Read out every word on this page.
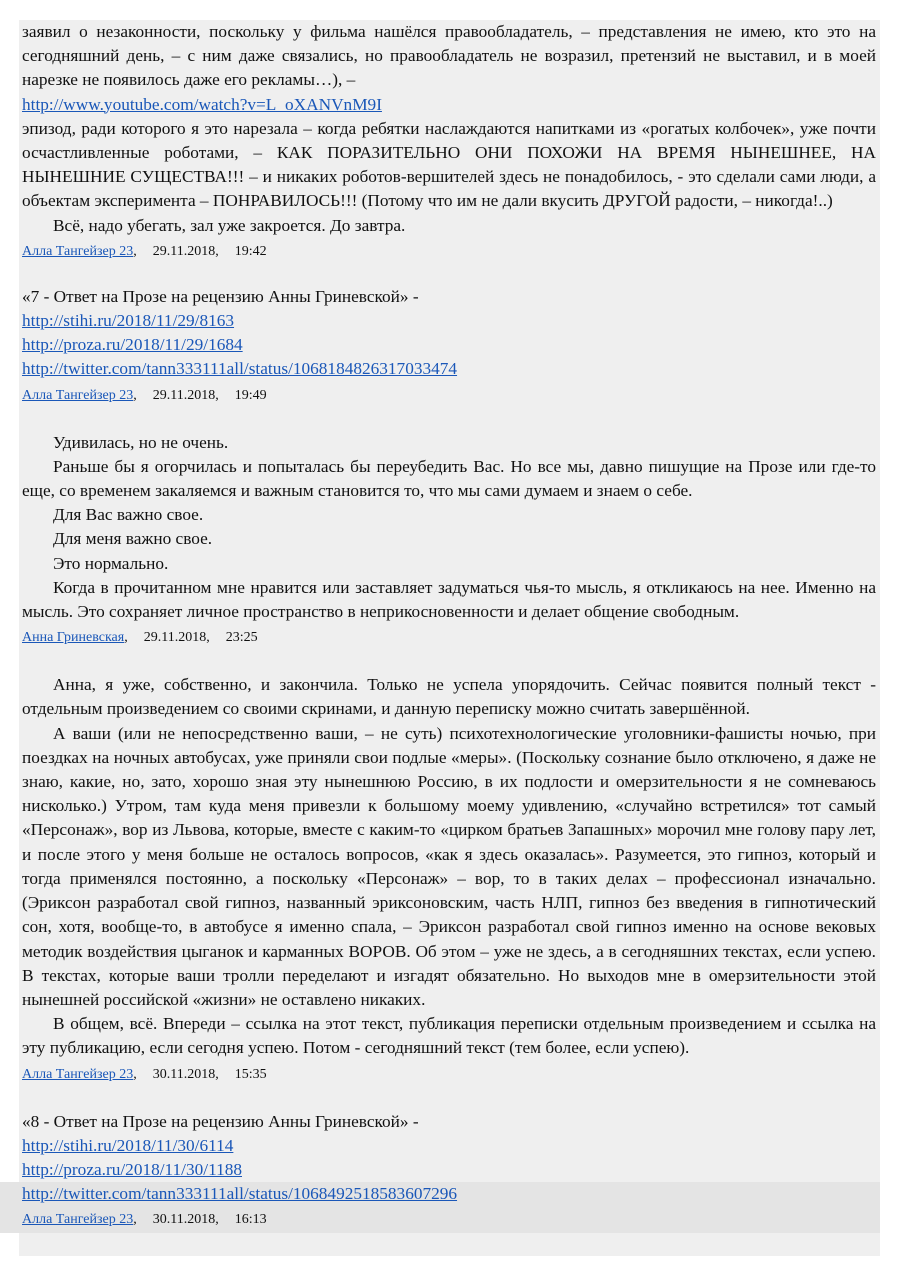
заявил о незаконности, поскольку у фильма нашёлся правообладатель, – представления не имею, кто это на сегодняшний день, – с ним даже связались, но правообладатель не возразил, претензий не выставил, и в моей нарезке не появилось даже его рекламы…), –

http://www.youtube.com/watch?v=L_oXANVnM9I

эпизод, ради которого я это нарезала – когда ребятки наслаждаются напитками из «рогатых колбочек», уже почти осчастливленные роботами, – КАК ПОРАЗИТЕЛЬНО ОНИ ПОХОЖИ НА ВРЕМЯ НЫНЕШНЕЕ, НА НЫНЕШНИЕ СУЩЕСТВА!!! – и никаких роботов-вершителей здесь не понадобилось, - это сделали сами люди, а объектам эксперимента – ПОНРАВИЛОСЬ!!! (Потому что им не дали вкусить ДРУГОЙ радости, – никогда!..)

Всё, надо убегать, зал уже закроется. До завтра.

Алла Тангейзер 23, 29.11.2018, 19:42

«7 - Ответ на Прозе на рецензию Анны Гриневской» -

http://stihi.ru/2018/11/29/8163
http://proza.ru/2018/11/29/1684
http://twitter.com/tann333111all/status/1068184826317033474
Алла Тангейзер 23, 29.11.2018, 19:49

Удивилась, но не очень.

Раньше бы я огорчилась и попыталась бы переубедить Вас. Но все мы, давно пишущие на Прозе или где-то еще, со временем закаляемся и важным становится то, что мы сами думаем и знаем о себе.

Для Вас важно свое.

Для меня важно свое.

Это нормально.

Когда в прочитанном мне нравится или заставляет задуматься чья-то мысль, я откликаюсь на нее. Именно на мысль. Это сохраняет личное пространство в неприкосновенности и делает общение свободным.

Анна Гриневская, 29.11.2018, 23:25

Анна, я уже, собственно, и закончила. Только не успела упорядочить. Сейчас появится полный текст - отдельным произведением со своими скринами, и данную переписку можно считать завершённой.

А ваши (или не непосредственно ваши, – не суть) психотехнологические уголовники-фашисты ночью, при поездках на ночных автобусах, уже приняли свои подлые «меры». (Поскольку сознание было отключено, я даже не знаю, какие, но, зато, хорошо зная эту нынешнюю Россию, в их подлости и омерзительности я не сомневаюсь нисколько.) Утром, там куда меня привезли к большому моему удивлению, «случайно встретился» тот самый «Персонаж», вор из Львова, которые, вместе с каким-то «цирком братьев Запашных» морочил мне голову пару лет, и после этого у меня больше не осталось вопросов, «как я здесь оказалась». Разумеется, это гипноз, который и тогда применялся постоянно, а поскольку «Персонаж» – вор, то в таких делах – профессионал изначально. (Эриксон разработал свой гипноз, названный эриксоновским, часть НЛП, гипноз без введения в гипнотический сон, хотя, вообще-то, в автобусе я именно спала, – Эриксон разработал свой гипноз именно на основе вековых методик воздействия цыганок и карманных ВОРОВ. Об этом – уже не здесь, а в сегодняшних текстах, если успею. В текстах, которые ваши тролли переделают и изгадят обязательно. Но выходов мне в омерзительности этой нынешней российской «жизни» не оставлено никаких.

В общем, всё. Впереди – ссылка на этот текст, публикация переписки отдельным произведением и ссылка на эту публикацию, если сегодня успею. Потом - сегодняшний текст (тем более, если успею).

Алла Тангейзер 23, 30.11.2018, 15:35

«8 - Ответ на Прозе на рецензию Анны Гриневской» -

http://stihi.ru/2018/11/30/6114
http://proza.ru/2018/11/30/1188
http://twitter.com/tann333111all/status/1068492518583607296
Алла Тангейзер 23, 30.11.2018, 16:13
